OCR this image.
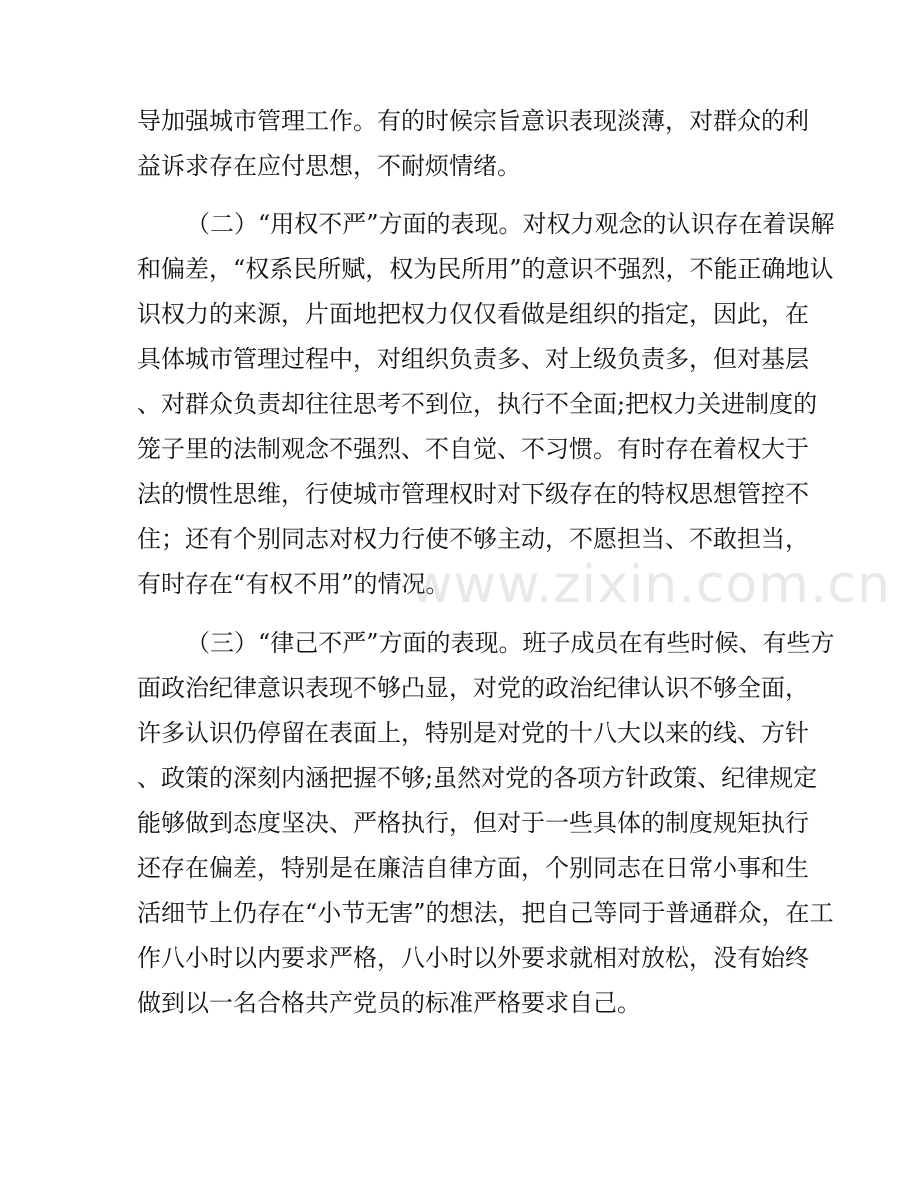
导加强城市管理工作。有的时候宗旨意识表现淡薄，对群众的利
益诉求存在应付思想，不耐烦情绪。
（二）“用权不严”方面的表现。对权力观念的认识存在着误解
和偏差，“权系民所赋，权为民所用”的意识不强烈，不能正确地认
识权力的来源，片面地把权力仅仅看做是组织的指定，因此，在
具体城市管理过程中，对组织负责多、对上级负责多，但对基层
、对群众负责却往往思考不到位，执行不全面;把权力关进制度的
笼子里的法制观念不强烈、不自觉、不习惯。有时存在着权大于
法的惯性思维，行使城市管理权时对下级存在的特权思想管控不
住；还有个别同志对权力行使不够主动，不愿担当、不敢担当，
有时存在“有权不用”的情况。
（三）“律己不严”方面的表现。班子成员在有些时候、有些方
面政治纪律意识表现不够凸显，对党的政治纪律认识不够全面，
许多认识仍停留在表面上，特别是对党的十八大以来的线、方针
、政策的深刻内涵把握不够;虽然对党的各项方针政策、纪律规定
能够做到态度坚决、严格执行，但对于一些具体的制度规矩执行
还存在偏差，特别是在廉洁自律方面，个别同志在日常小事和生
活细节上仍存在“小节无害”的想法，把自己等同于普通群众，在工
作八小时以内要求严格，八小时以外要求就相对放松，没有始终
做到以一名合格共产党员的标准严格要求自己。
www.zixin.com.cn
